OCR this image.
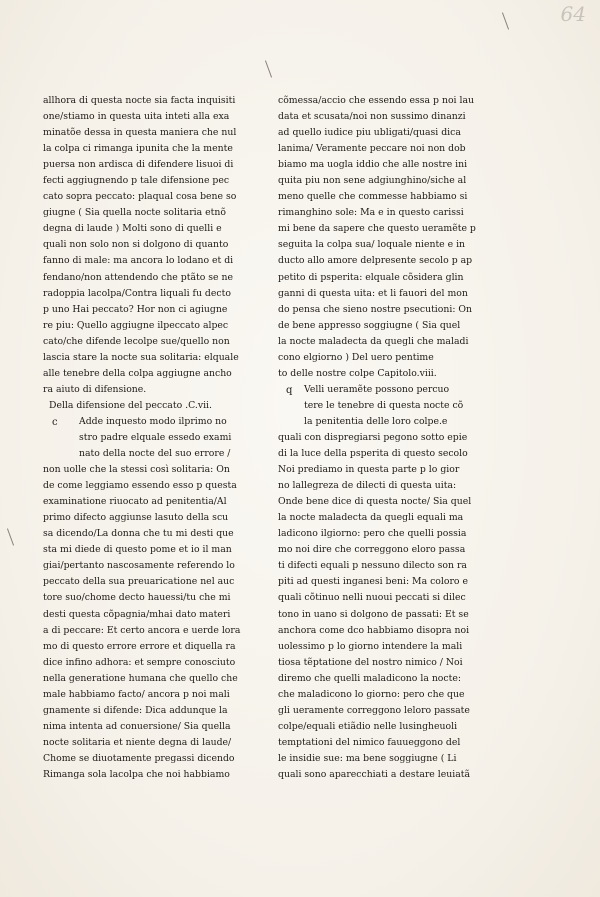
64
allhora di questa nocte sia facta inquisiti
one/stiamo in questa uita inteti alla exa
minatõe dessa in questa maniera che nul
la colpa ci rimanga ipunita che la mente
puersa non ardisca di difendere lisuoi di
fecti aggiugnendo p tale difensione pec
cato sopra peccato: plaqual cosa bene so
giugne ( Sia quella nocte solitaria etnõ
degna di laude ) Molti sono di quelli e
quali non solo non si dolgono di quanto
fanno di male: ma ancora lo lodano et di
fendano/non attendendo che ptãto se ne
radoppia lacolpa/Contra liquali fu decto
p uno Hai peccato? Hor non ci agiugne
re piu: Quello aggiugne ilpeccato alpec
cato/che difende lecolpe sue/quello non
lascia stare la nocte sua solitaria: elquale
alle tenebre della colpa aggiugne ancho
ra aiuto di difensione.
Della difensione del peccato .C.vii.
Adde inquesto modo ilprimo no
stro padre elquale essedo exami
nato della nocte del suo errore /
non uolle che la stessi così solitaria: On
de come leggiamo essendo esso p questa
examinatione riuocato ad penitentia/Al
primo difecto aggiunse lasuto della scu
sa dicendo/La donna che tu mi desti que
sta mi diede di questo pome et io il man
giai/pertanto nascosamente referendo lo
peccato della sua preuaricatione nel auc
tore suo/chome decto hauessi/tu che mi
desti questa cõpagnia/mhai dato materi
a di peccare: Et certo ancora e uerde lora
mo di questo errore errore et diquella ra
dice infino adhora: et sempre conosciuto
nella generatione humana che quello che
male habbiamo facto/ ancora p noi mali
gnamente si difende: Dica addunque la
nima intenta ad conuersione/ Sia quella
nocte solitaria et niente degna di laude/
Chome se diuotamente pregassi dicendo
Rimanga sola lacolpa che noi habbiamo
cõmessa/accio che essendo essa p noi lau
data et scusata/noi non sussimo dinanzi
ad quello iudice piu ubligati/quasi dica
lanima/ Veramente peccare noi non dob
biamo ma uogla iddio che alle nostre ini
quita piu non sene adgiunghino/siche al
meno quelle che commesse habbiamo si
rimanghino sole: Ma e in questo carissi
mi bene da sapere che questo ueramẽte p
seguita la colpa sua/ loquale niente e in
ducto allo amore delpresente secolo p ap
petito di psperita: elquale cõsidera glin
ganni di questa uita: et li fauori del mon
do pensa che sieno nostre psecutioni: On
de bene appresso soggiugne ( Sia quel
la nocte maladecta da quegli che maladi
cono elgiorno ) Del uero pentime
to delle nostre colpe Capitolo.viii.
Velli ueramẽte possono percuo
tere le tenebre di questa nocte cõ
la penitentia delle loro colpe.e
quali con dispregiarsi pegono sotto epie
di la luce della psperita di questo secolo
Noi prediamo in questa parte p lo gior
no lallegreza de dilecti di questa uita:
Onde bene dice di questa nocte/ Sia quel
la nocte maladecta da quegli equali ma
ladicono ilgiorno: pero che quelli possia
mo noi dire che correggono eloro passa
ti difecti equali p nessuno dilecto son ra
piti ad questi inganesi beni: Ma coloro e
quali cõtinuo nelli nuoui peccati si dilec
tono in uano si dolgono de passati: Et se
anchora come dco habbiamo disopra noi
uolessimo p lo giorno intendere la mali
tiosa tẽptatione del nostro nimico / Noi
diremo che quelli maladicono la nocte:
che maladicono lo giorno: pero che que
gli ueramente correggono leloro passate
colpe/equali etiãdio nelle lusingheuoli
temptationi del nimico fauueggono del
le insidie sue: ma bene soggiugne ( Li
quali sono aparecchiati a destare leuiatã
c
q
